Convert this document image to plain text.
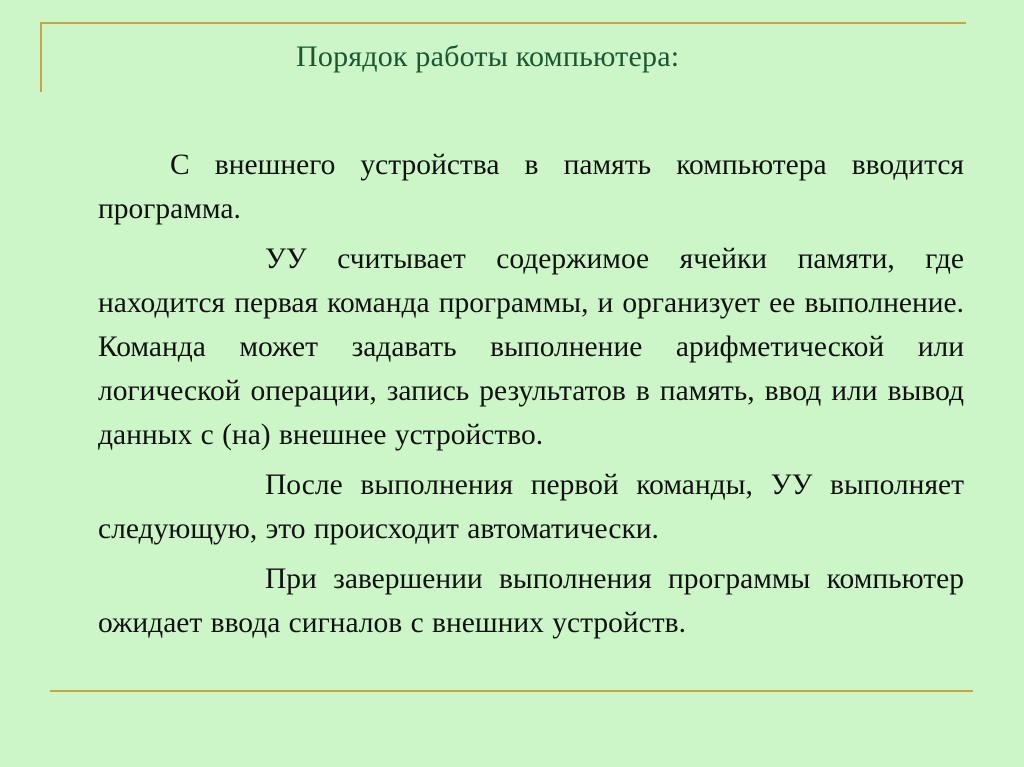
Порядок работы компьютера:

С внешнего устройства в память компьютера вводится программа.

УУ считывает содержимое ячейки памяти, где находится первая команда программы, и организует ее выполнение. Команда может задавать выполнение арифметической или логической операции, запись результатов в память, ввод или вывод данных с (на) внешнее устройство.

После выполнения первой команды, УУ выполняет следующую, это происходит автоматически.

При завершении выполнения программы компьютер ожидает ввода сигналов с внешних устройств.
